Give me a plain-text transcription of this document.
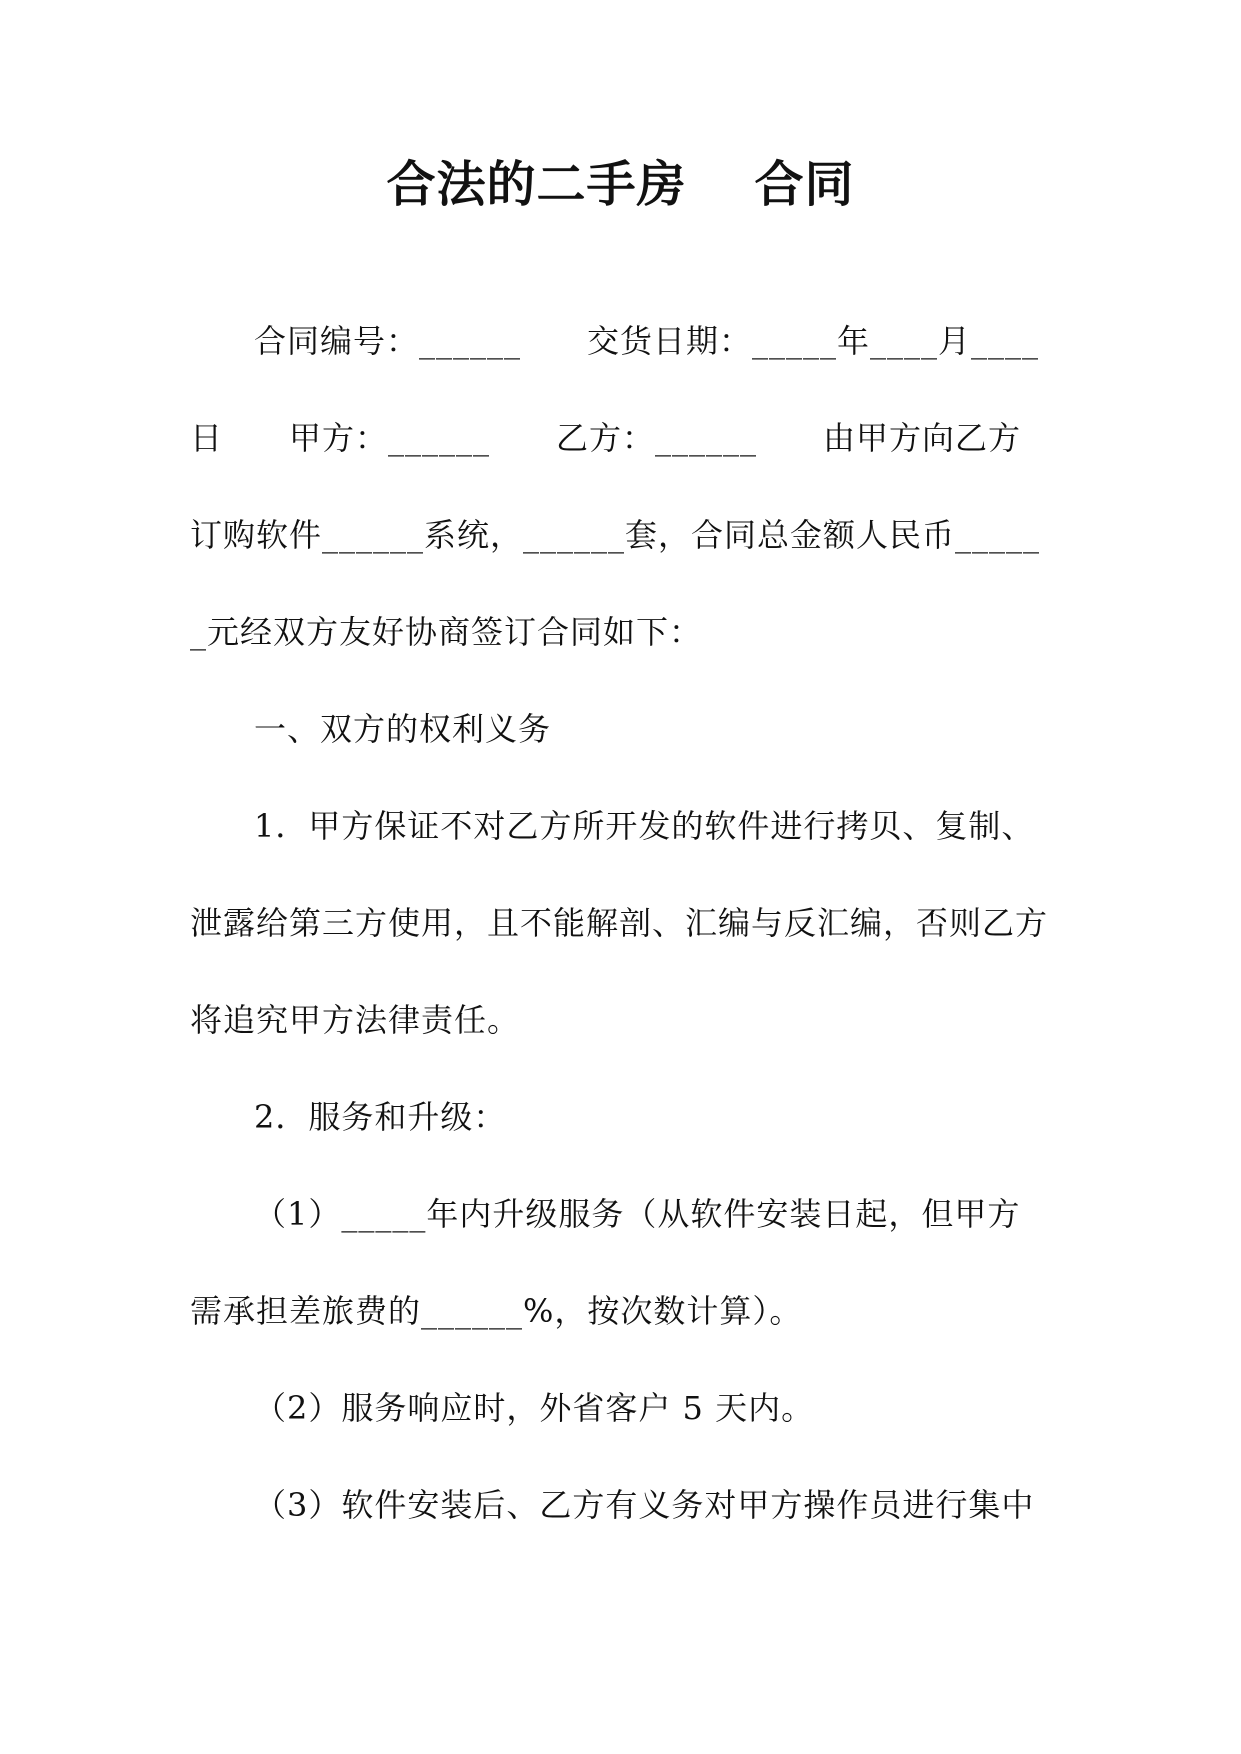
合法的二手房　 合同

合同编号：______　　交货日期：_____年____月____日　　甲方：______　　乙方：______　　由甲方向乙方订购软件______系统，______套，合同总金额人民币______元经双方友好协商签订合同如下：

一、双方的权利义务

1．甲方保证不对乙方所开发的软件进行拷贝、复制、泄露给第三方使用，且不能解剖、汇编与反汇编，否则乙方将追究甲方法律责任。

2．服务和升级：

（1）_____年内升级服务（从软件安装日起，但甲方需承担差旅费的______%，按次数计算）。

（2）服务响应时，外省客户 5 天内。

（3）软件安装后、乙方有义务对甲方操作员进行集中
